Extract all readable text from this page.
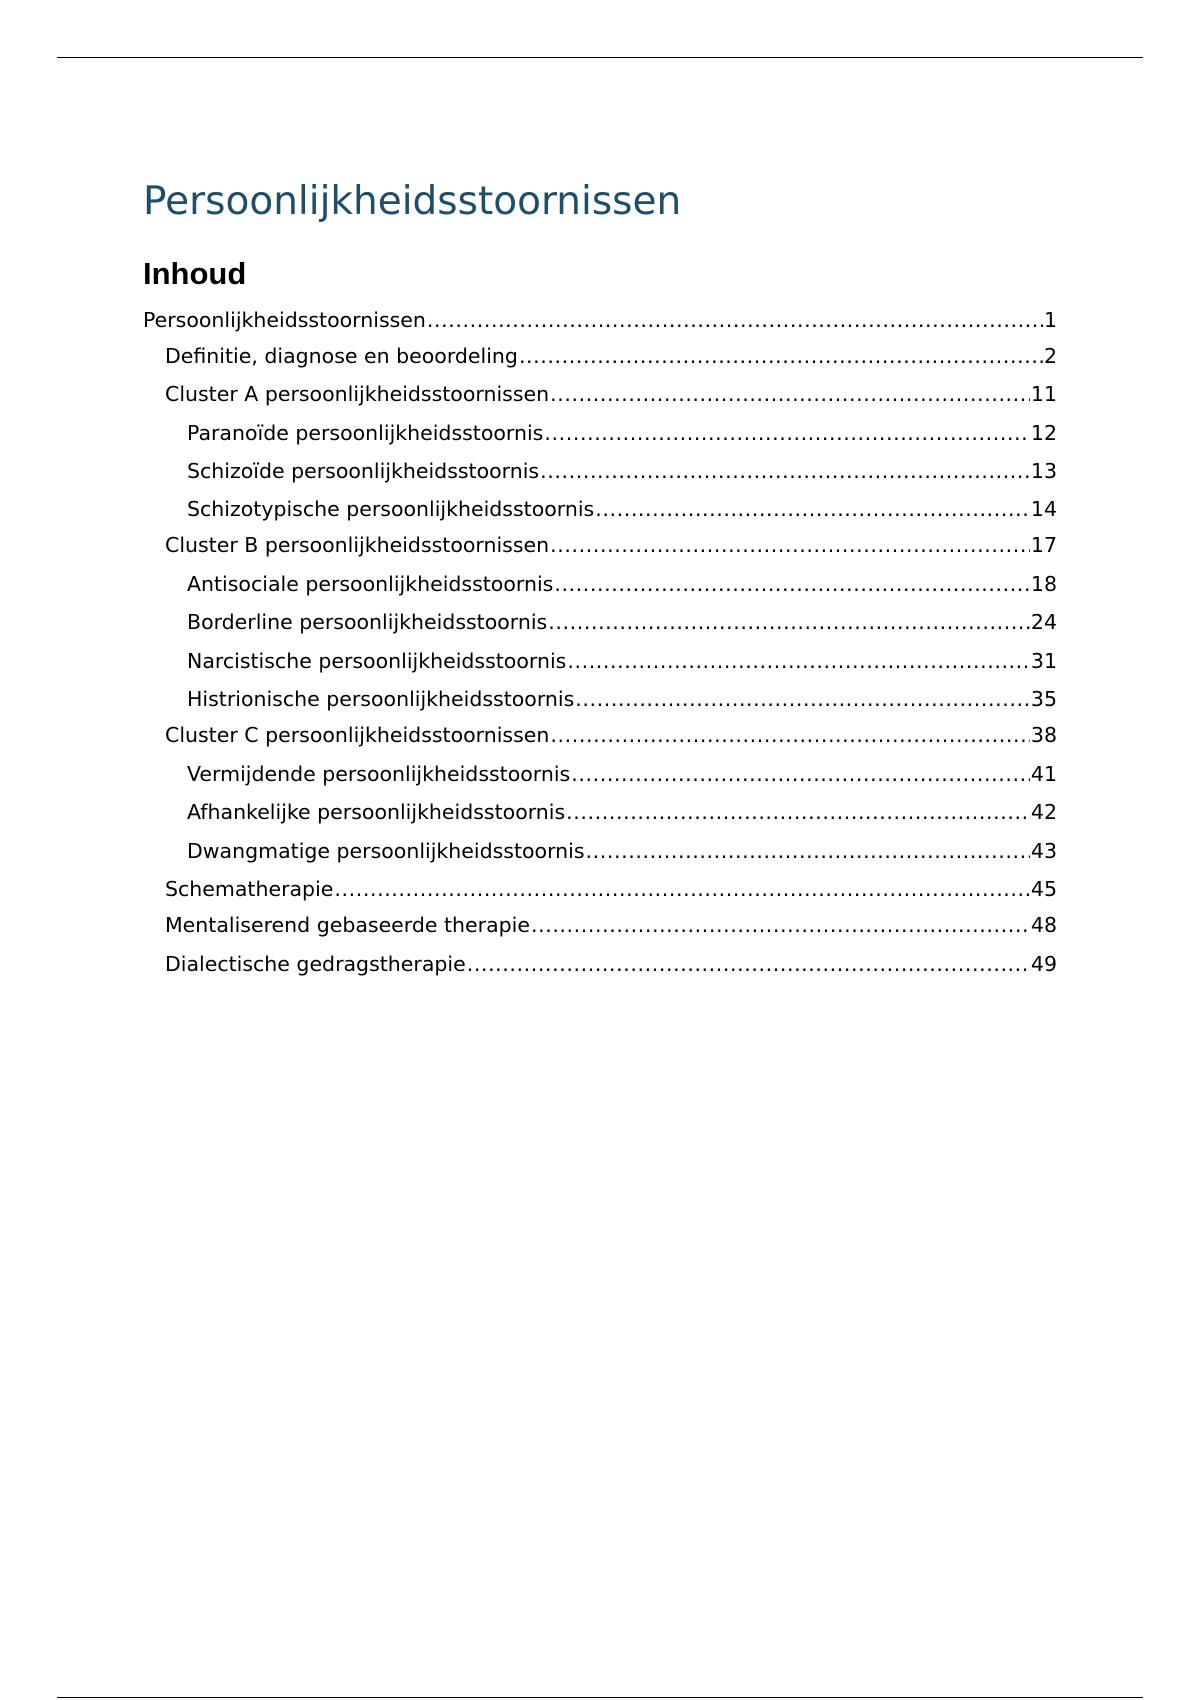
Persoonlijkheidsstoornissen
Inhoud
Persoonlijkheidsstoornissen .....	1
Definitie, diagnose en beoordeling .....	2
Cluster A persoonlijkheidsstoornissen .....	11
Paranoïde persoonlijkheidsstoornis .....	12
Schizoïde persoonlijkheidsstoornis .....	13
Schizotypische persoonlijkheidsstoornis .....	14
Cluster B persoonlijkheidsstoornissen .....	17
Antisociale persoonlijkheidsstoornis .....	18
Borderline persoonlijkheidsstoornis .....	24
Narcistische persoonlijkheidsstoornis .....	31
Histrionische persoonlijkheidsstoornis .....	35
Cluster C persoonlijkheidsstoornissen .....	38
Vermijdende persoonlijkheidsstoornis .....	41
Afhankelijke persoonlijkheidsstoornis .....	42
Dwangmatige persoonlijkheidsstoornis .....	43
Schematherapie .....	45
Mentaliserend gebaseerde therapie .....	48
Dialectische gedragstherapie .....	49
